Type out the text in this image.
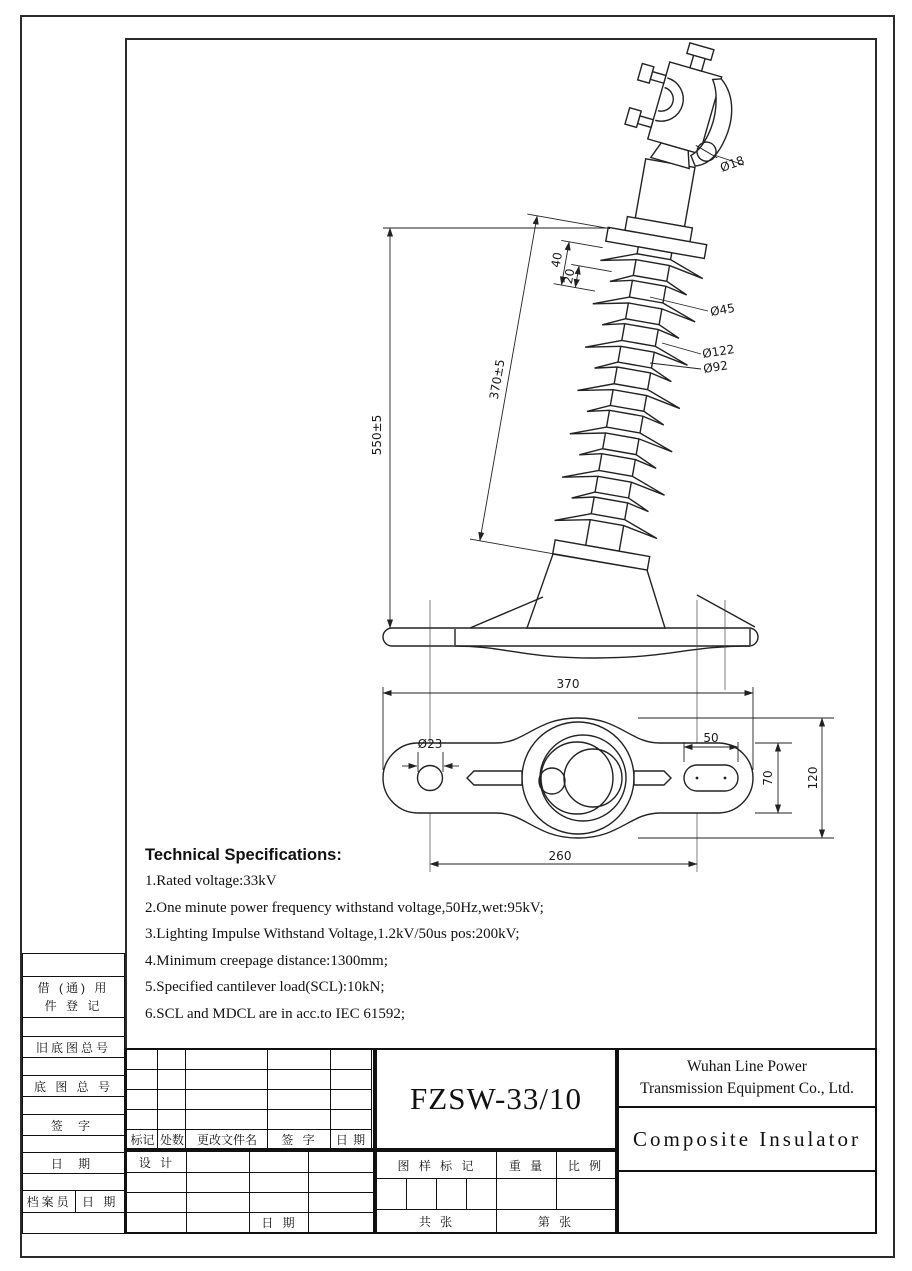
370±5
40
20
Ø18
550±5
Ø45
Ø122
Ø92
370
Ø23	50
70	120
260
Technical Specifications:
1.Rated voltage:33kV
2.One minute power frequency withstand voltage,50Hz,wet:95kV;
3.Lighting Impulse Withstand Voltage,1.2kV/50us pos:200kV;
4.Minimum creepage distance:1300mm;
5.Specified cantilever load(SCL):10kN;
6.SCL and MDCL are in acc.to IEC 61592;
借 (通) 用
件 登 记
旧底图总号
底 图 总 号
签 字
日 期
档案员 日 期
标记 处数	更改文件名	签 字	日 期
FZSW-33/10
Wuhan Line Power
Transmission Equipment Co., Ltd.
Composite Insulator
设 计
日 期
图 样 标 记	重 量	比 例
共 张	第 张
